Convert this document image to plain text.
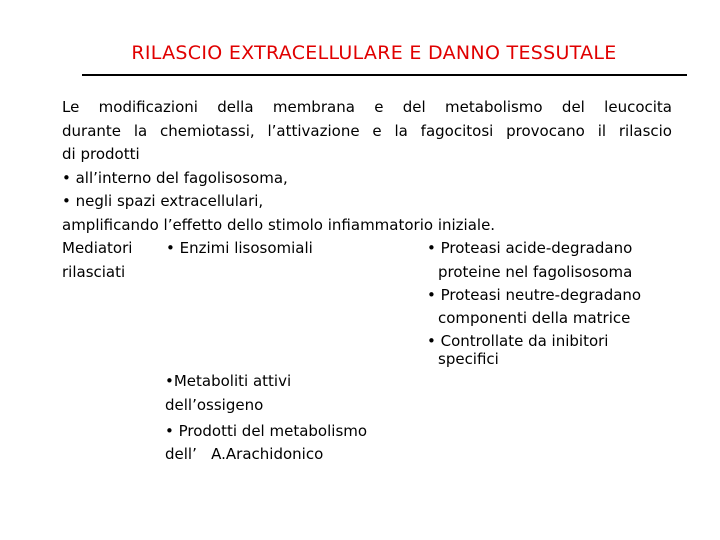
RILASCIO EXTRACELLULARE E DANNO TESSUTALE
Le modificazioni della membrana e del metabolismo del leucocita
durante la chemiotassi, l’attivazione e la fagocitosi provocano il rilascio
di prodotti
• all’interno del fagolisosoma,
• negli spazi extracellulari,
amplificando l’effetto dello stimolo infiammatorio iniziale.
Mediatori
rilasciati
• Enzimi lisosomiali	• Proteasi acide-degradano
proteine nel fagolisosoma
• Proteasi neutre-degradano
componenti della matrice
• Controllate da inibitori
specifici
•Metaboliti attivi
dell’ossigeno
• Prodotti del metabolismo
dell’   A.Arachidonico
